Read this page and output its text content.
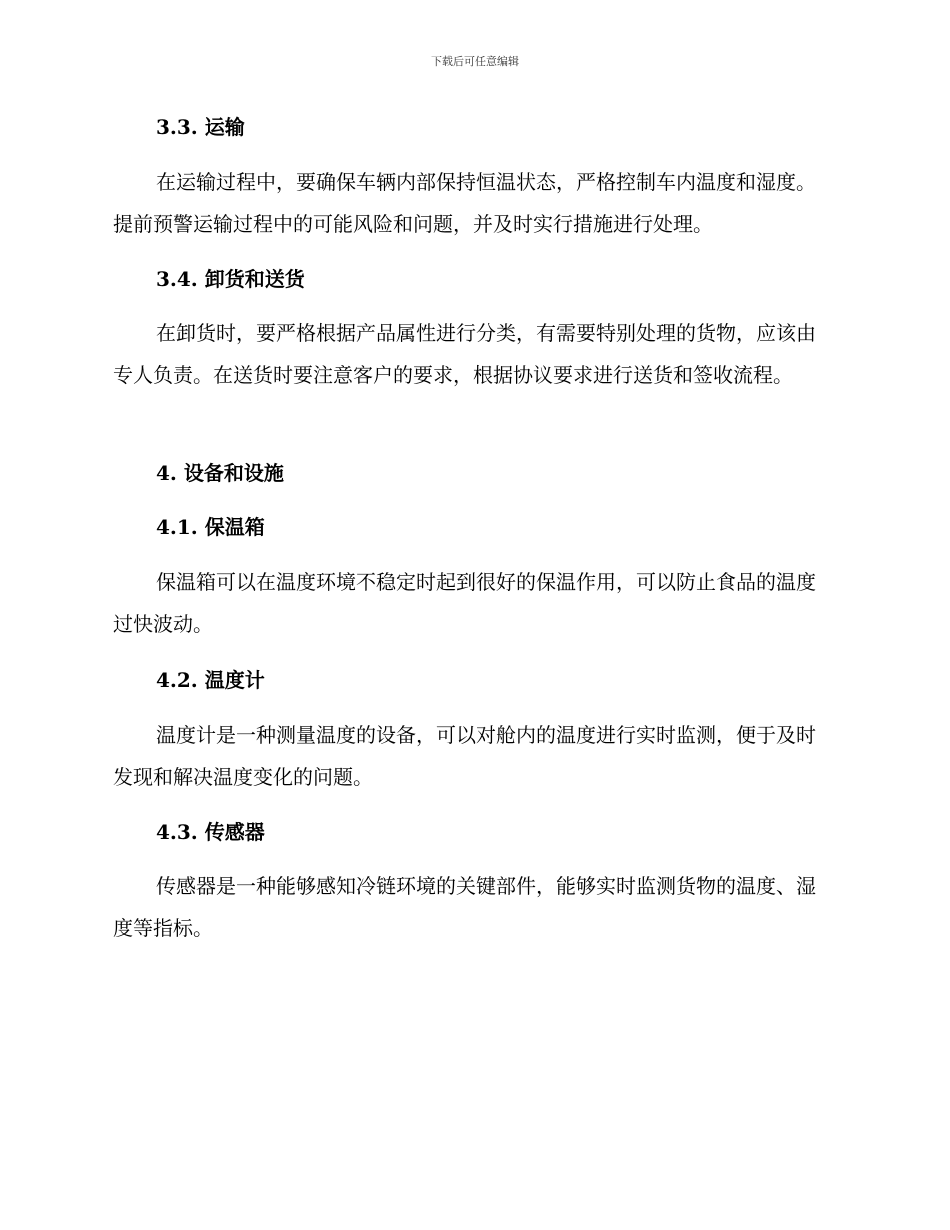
下载后可任意编辑
3.3. 运输

在运输过程中，要确保车辆内部保持恒温状态，严格控制车内温度和湿度。提前预警运输过程中的可能风险和问题，并及时实行措施进行处理。

3.4. 卸货和送货

在卸货时，要严格根据产品属性进行分类，有需要特别处理的货物，应该由专人负责。在送货时要注意客户的要求，根据协议要求进行送货和签收流程。

4. 设备和设施
4.1. 保温箱

保温箱可以在温度环境不稳定时起到很好的保温作用，可以防止食品的温度过快波动。

4.2. 温度计

温度计是一种测量温度的设备，可以对舱内的温度进行实时监测，便于及时发现和解决温度变化的问题。

4.3. 传感器

传感器是一种能够感知冷链环境的关键部件，能够实时监测货物的温度、湿度等指标。
